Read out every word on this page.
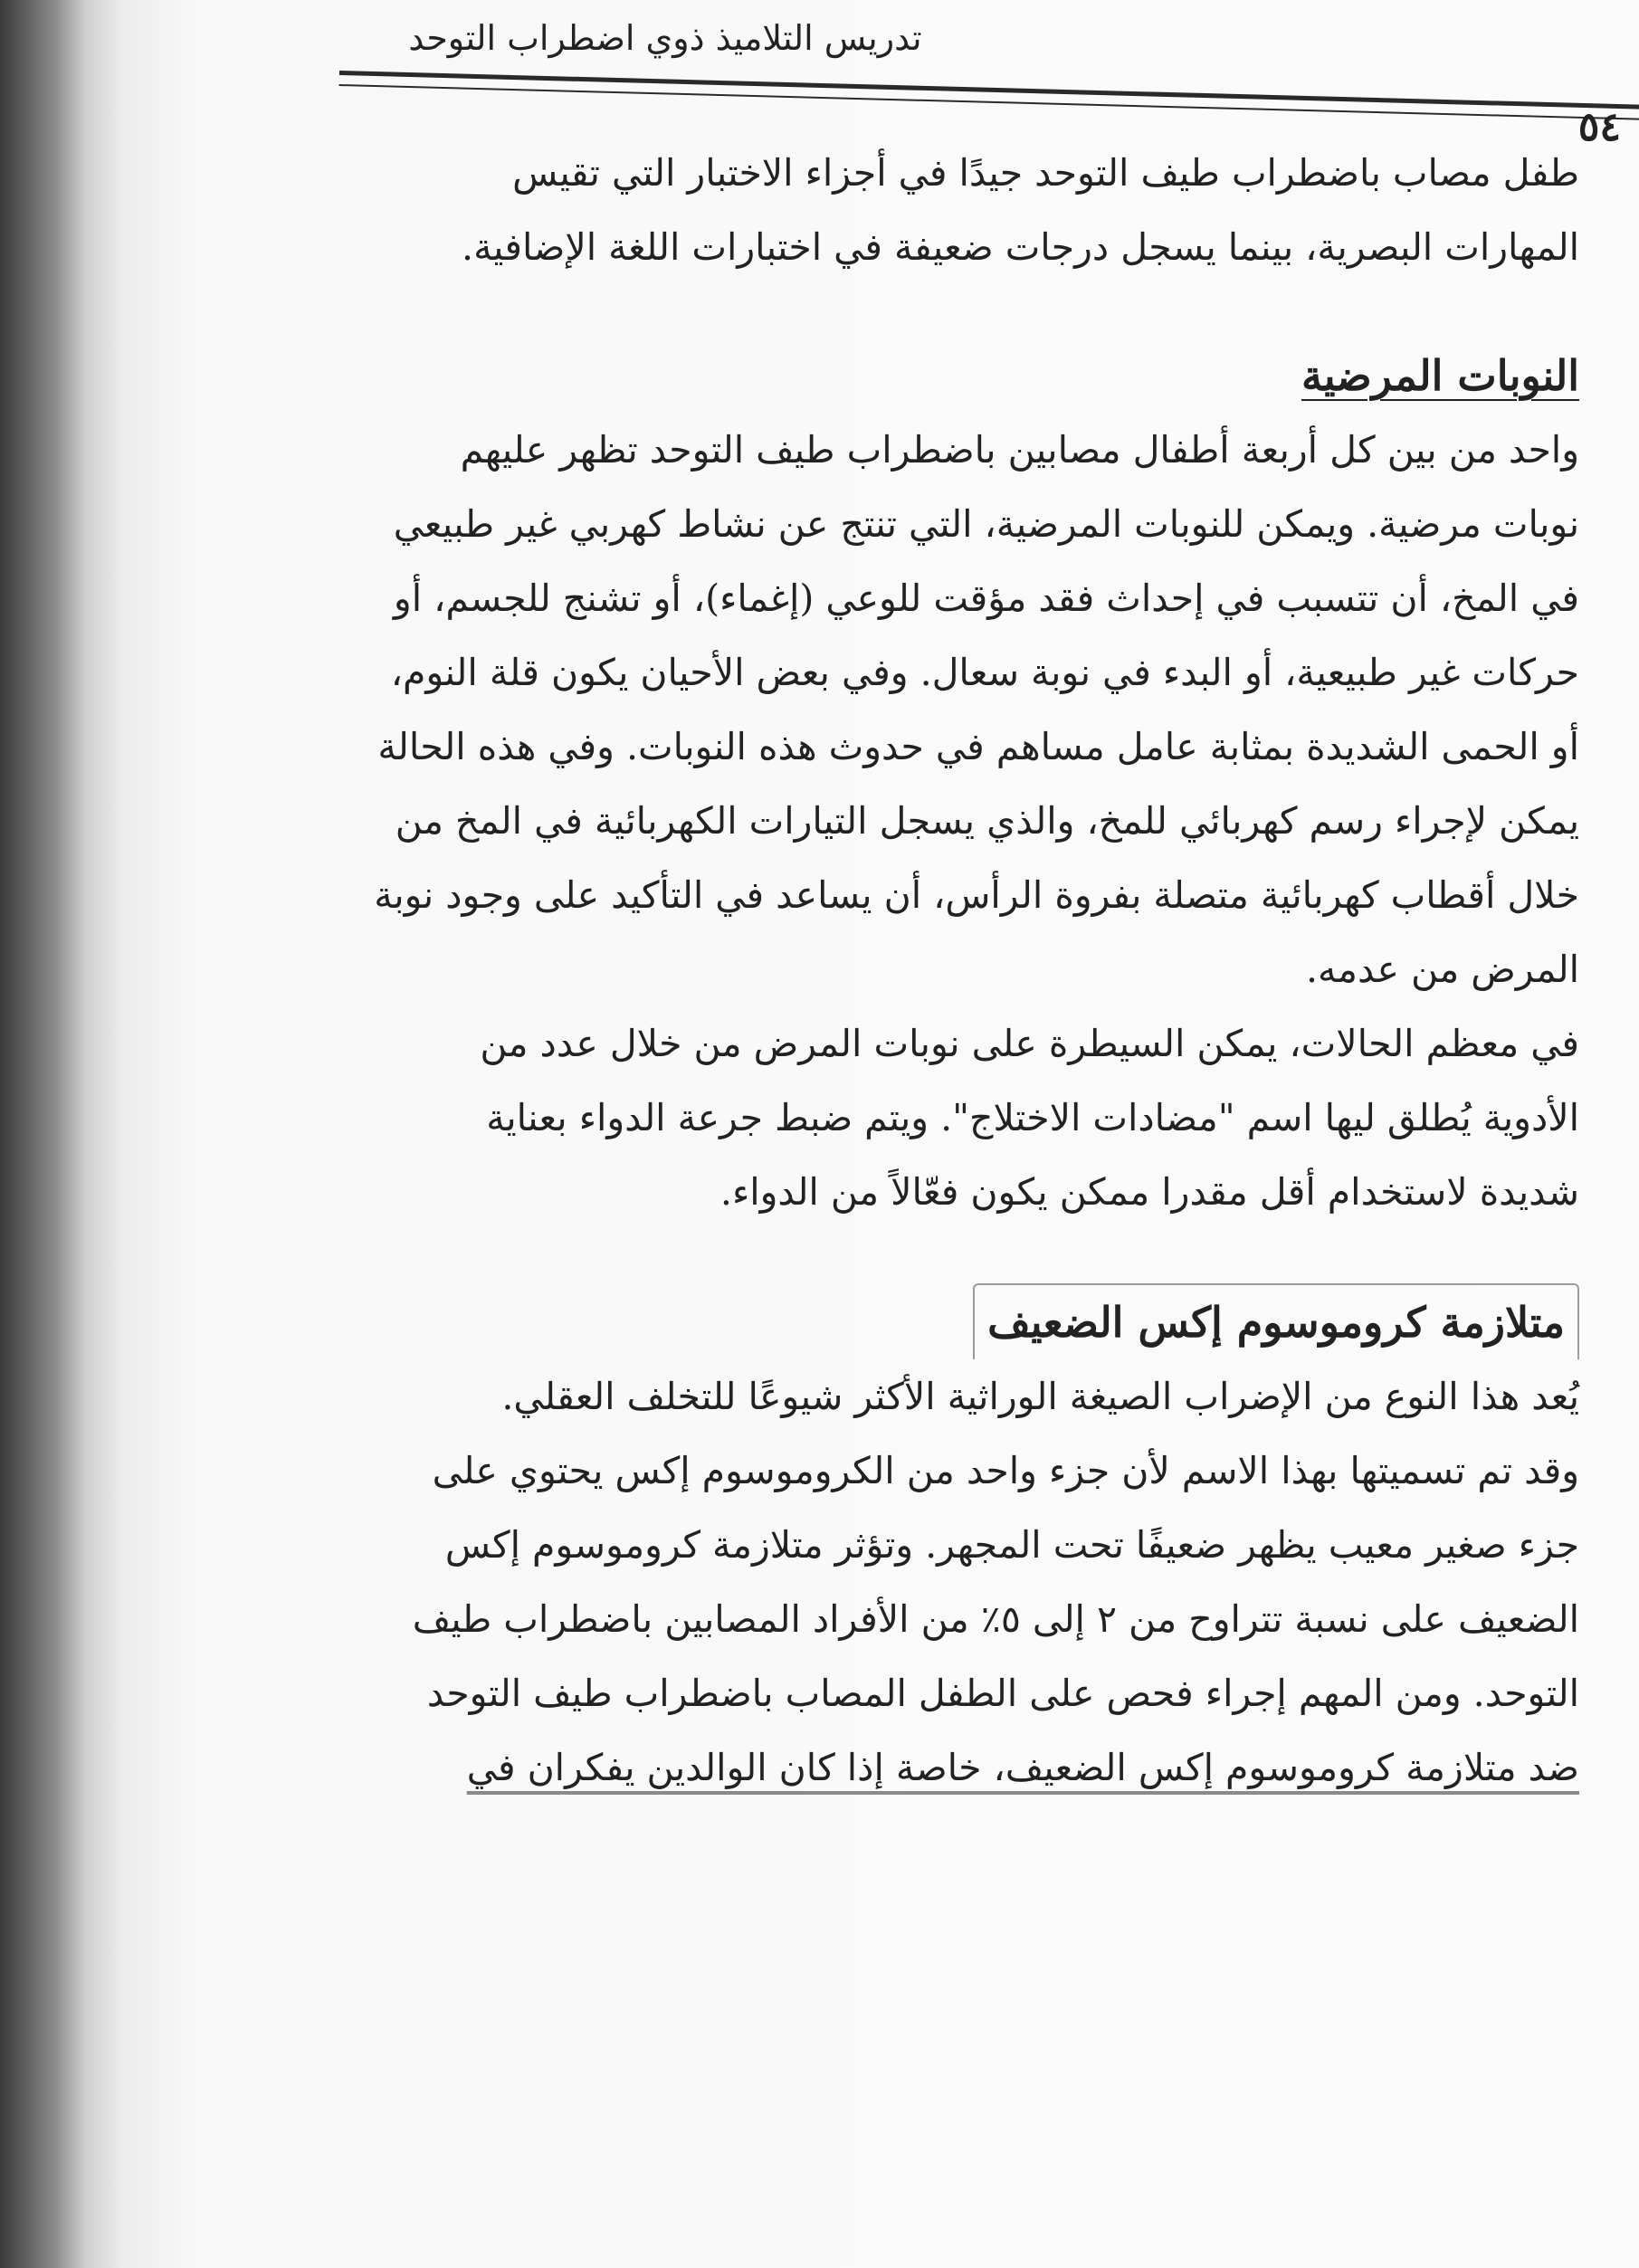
تدريس التلاميذ ذوي اضطراب التوحد
٥٤
طفل مصاب باضطراب طيف التوحد جيدًا في أجزاء الاختبار التي تقيس
المهارات البصرية، بينما يسجل درجات ضعيفة في اختبارات اللغة الإضافية.
النوبات المرضية
واحد من بين كل أربعة أطفال مصابين باضطراب طيف التوحد تظهر عليهم
نوبات مرضية. ويمكن للنوبات المرضية، التي تنتج عن نشاط كهربي غير طبيعي
في المخ، أن تتسبب في إحداث فقد مؤقت للوعي (إغماء)، أو تشنج للجسم، أو
حركات غير طبيعية، أو البدء في نوبة سعال. وفي بعض الأحيان يكون قلة النوم،
أو الحمى الشديدة بمثابة عامل مساهم في حدوث هذه النوبات. وفي هذه الحالة
يمكن لإجراء رسم كهربائي للمخ، والذي يسجل التيارات الكهربائية في المخ من
خلال أقطاب كهربائية متصلة بفروة الرأس، أن يساعد في التأكيد على وجود نوبة
المرض من عدمه.
في معظم الحالات، يمكن السيطرة على نوبات المرض من خلال عدد من
الأدوية يُطلق ليها اسم "مضادات الاختلاج". ويتم ضبط جرعة الدواء بعناية
شديدة لاستخدام أقل مقدرا ممكن يكون فعّالاً من الدواء.
متلازمة كروموسوم إكس الضعيف
يُعد هذا النوع من الإضراب الصيغة الوراثية الأكثر شيوعًا للتخلف العقلي.
وقد تم تسميتها بهذا الاسم لأن جزء واحد من الكروموسوم إكس يحتوي على
جزء صغير معيب يظهر ضعيفًا تحت المجهر. وتؤثر متلازمة كروموسوم إكس
الضعيف على نسبة تتراوح من ٢ إلى ٥٪ من الأفراد المصابين باضطراب طيف
التوحد. ومن المهم إجراء فحص على الطفل المصاب باضطراب طيف التوحد
ضد متلازمة كروموسوم إكس الضعيف، خاصة إذا كان الوالدين يفكران في
